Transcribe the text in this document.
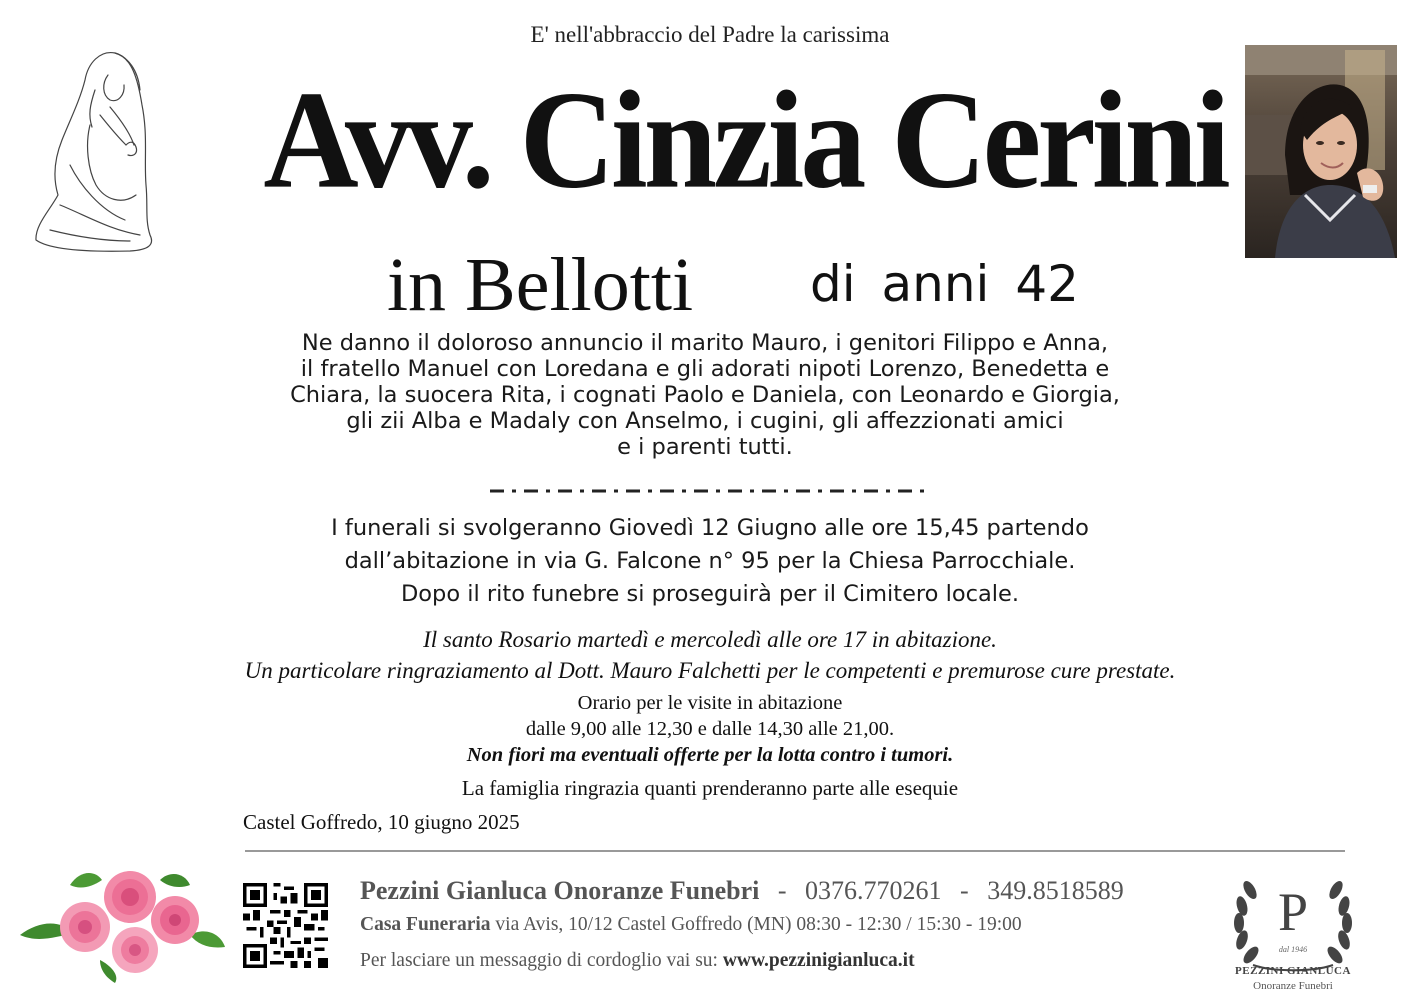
E' nell'abbraccio del Padre la carissima
Avv. Cinzia Cerini
in Bellotti	di anni 42
Ne danno il doloroso annuncio il marito Mauro, i genitori Filippo e Anna,
il fratello Manuel con Loredana e gli adorati nipoti Lorenzo, Benedetta e
Chiara, la suocera Rita, i cognati Paolo e Daniela, con Leonardo e Giorgia,
gli zii Alba e Madaly con Anselmo, i cugini, gli affezzionati amici
e i parenti tutti.
I funerali si svolgeranno Giovedì 12 Giugno alle ore 15,45 partendo
dall’abitazione in via G. Falcone n° 95 per la Chiesa Parrocchiale.
Dopo il rito funebre si proseguirà per il Cimitero locale.
Il santo Rosario martedì e mercoledì alle ore 17 in abitazione.
Un particolare ringraziamento al Dott. Mauro Falchetti per le competenti e premurose cure prestate.
Orario per le visite in abitazione
dalle 9,00 alle 12,30 e dalle 14,30 alle 21,00.
Non fiori ma eventuali offerte per la lotta contro i tumori.
La famiglia ringrazia quanti prenderanno parte alle esequie
Castel Goffredo, 10 giugno 2025
Pezzini Gianluca Onoranze Funebri - 0376.770261 - 349.8518589
Casa Funeraria via Avis, 10/12 Castel Goffredo (MN) 08:30 - 12:30 / 15:30 - 19:00
Per lasciare un messaggio di cordoglio vai su: www.pezzinigianluca.it
P
dal 1946
PEZZINI GIANLUCA
Onoranze Funebri
